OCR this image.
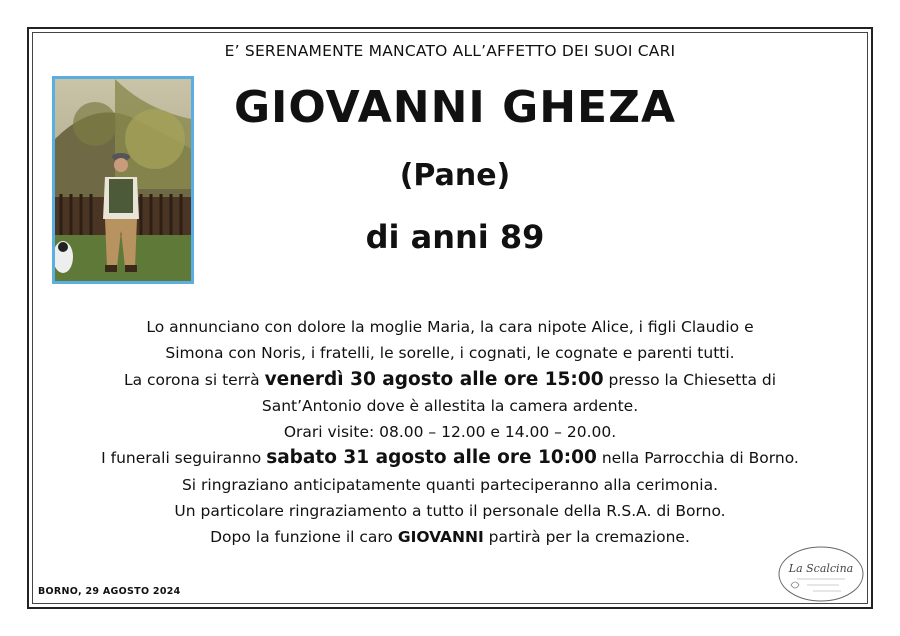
E’ SERENAMENTE MANCATO ALL’AFFETTO DEI SUOI CARI
GIOVANNI GHEZA
(Pane)
di anni 89

Lo annunciano con dolore la moglie Maria, la cara nipote Alice, i figli Claudio e

Simona con Noris, i fratelli, le sorelle, i cognati, le cognate e parenti tutti.

La corona si terrà venerdì 30 agosto alle ore 15:00 presso la Chiesetta di

Sant’Antonio dove è allestita la camera ardente.

Orari visite: 08.00 – 12.00 e 14.00 – 20.00.

I funerali seguiranno sabato 31 agosto alle ore 10:00 nella Parrocchia di Borno.

Si ringraziano anticipatamente quanti parteciperanno alla cerimonia.

Un particolare ringraziamento a tutto il personale della R.S.A. di Borno.

Dopo la funzione il caro GIOVANNI partirà per la cremazione.

BORNO, 29 AGOSTO 2024
La Scalcina
